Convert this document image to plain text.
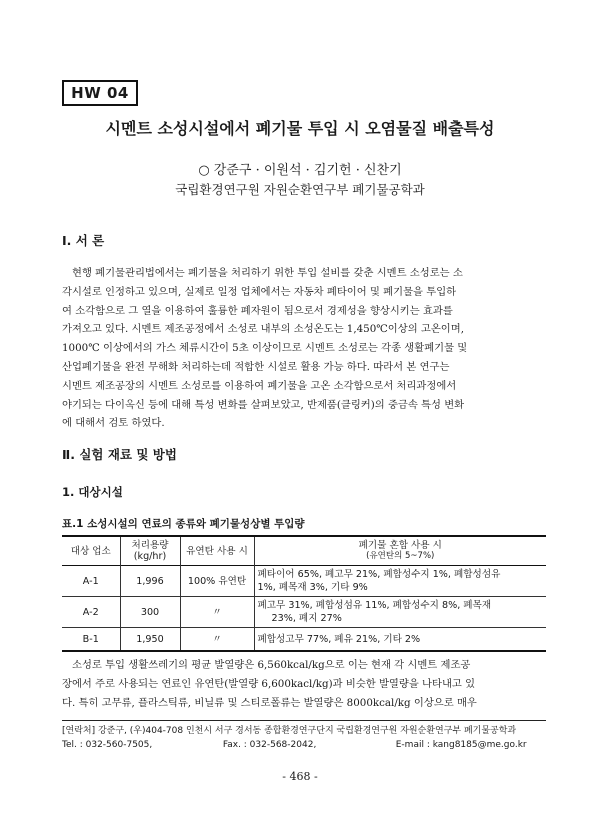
HW 04
시멘트 소성시설에서 폐기물 투입 시 오염물질 배출특성
○ 강준구 · 이원석 · 김기헌 · 신찬기
국립환경연구원 자원순환연구부 폐기물공학과
Ⅰ. 서 론
현행 폐기물관리법에서는 폐기물을 처리하기 위한 투입 설비를 갖춘 시멘트 소성로는 소
각시설로 인정하고 있으며, 실제로 일정 업체에서는 자동차 폐타이어 및 폐기물을 투입하
여 소각함으로 그 열을 이용하여 훌륭한 폐자원이 됨으로서 경제성을 향상시키는 효과를
가져오고 있다. 시멘트 제조공정에서 소성로 내부의 소성온도는 1,450℃이상의 고온이며,
1000℃ 이상에서의 가스 체류시간이 5초 이상이므로 시멘트 소성로는 각종 생활폐기물 및
산업폐기물을 완전 무해화 처리하는데 적합한 시설로 활용 가능 하다. 따라서 본 연구는
시멘트 제조공장의 시멘트 소성로를 이용하여 폐기물을 고온 소각함으로서 처리과정에서
야기되는 다이옥신 등에 대해 특성 변화를 살펴보았고, 반제품(클링커)의 중금속 특성 변화
에 대해서 검토 하였다.
Ⅱ. 실험 재료 및 방법
1. 대상시설
표.1 소성시설의 연료의 종류와 폐기물성상별 투입량
대상 업소	처리용량
(kg/hr)	유연탄 사용 시	폐기물 혼합 사용 시
(유연탄의 5~7%)

A-1	1,996	100% 유연탄	폐타이어 65%, 폐고무 21%, 폐합성수지 1%, 폐합성섬유
1%, 폐목재 3%, 기타 9%

A-2	300	〃	폐고무 31%, 폐합성섬유 11%, 폐합성수지 8%, 폐목재
23%, 폐지 27%

B-1	1,950	〃	폐합성고무 77%, 폐유 21%, 기타 2%
소성로 투입 생활쓰레기의 평균 발열량은 6,560kcal/kg으로 이는 현재 각 시멘트 제조공
장에서 주로 사용되는 연료인 유연탄(발열량 6,600kacl/kg)과 비슷한 발열량을 나타내고 있
다. 특히 고무류, 플라스틱류, 비닐류 및 스티로폴류는 발열량은 8000kcal/kg 이상으로 매우
[연락처] 강준구, (우)404-708 인천시 서구 경서동 종합환경연구단지 국립환경연구원 자원순환연구부 폐기물공학과
Tel. : 032-560-7505,	Fax. : 032-568-2042,	E-mail : kang8185@me.go.kr
- 468 -
